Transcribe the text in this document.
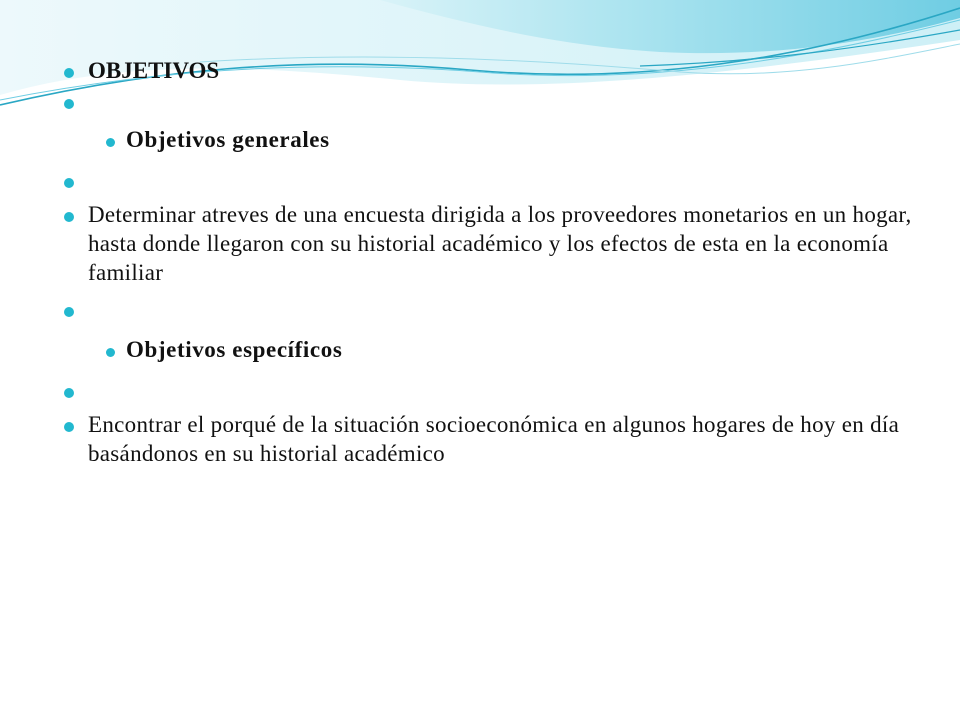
OBJETIVOS
Objetivos generales
Determinar atreves de una encuesta dirigida a los proveedores monetarios en un hogar, hasta donde llegaron con su historial académico y los efectos de esta en la economía familiar
Objetivos específicos
Encontrar el porqué de la situación socioeconómica en algunos hogares de hoy en día basándonos en su historial académico
